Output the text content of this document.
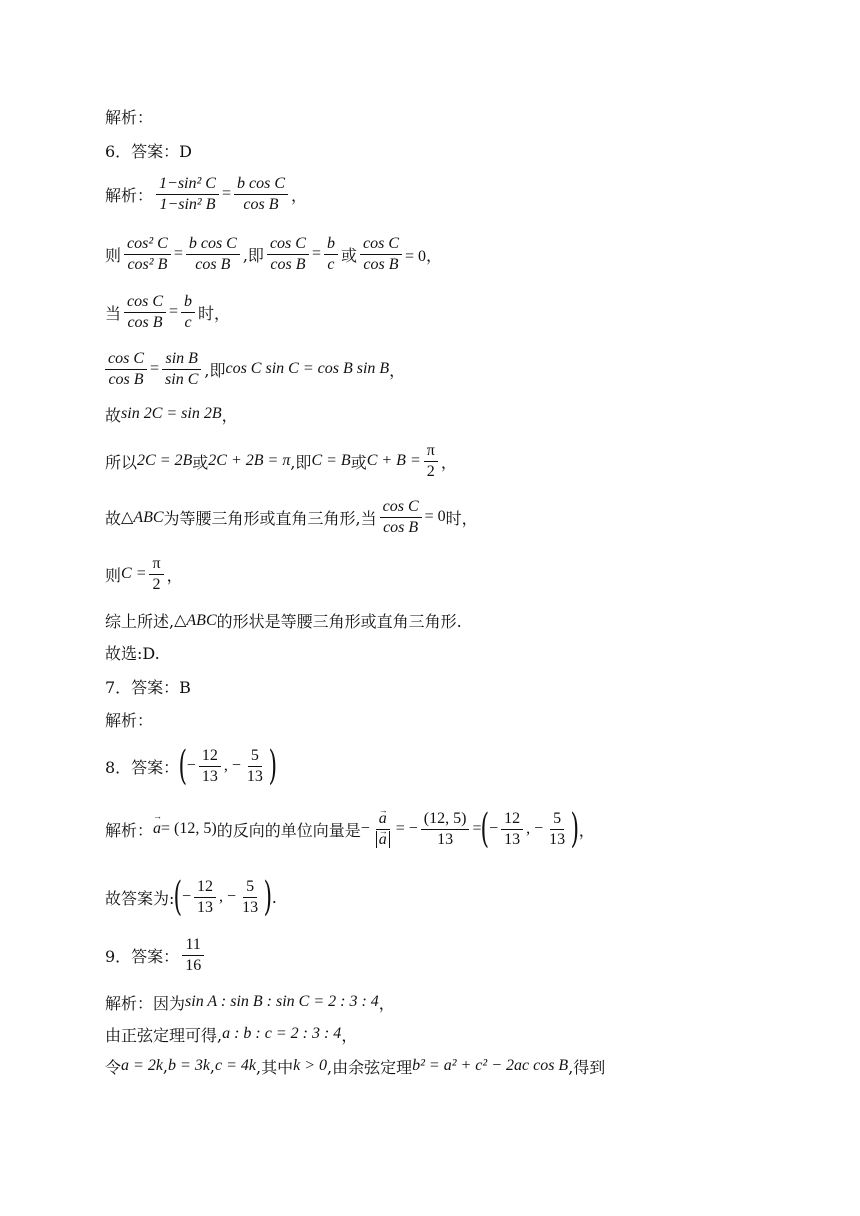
解析：
6．答案：D
解析： $\frac{\text{1−sin² C}}{\text{1−sin² B}} = \frac{\text{b cos C}}{\text{cos B}}$ ，
则 $\frac{\text{cos² C}}{\text{cos² B}} = \frac{\text{b cos C}}{\text{cos B}}$ ,即 $\frac{\text{cos C}}{\text{cos B}} = \frac{b}{c}$ 或 $\frac{\text{cos C}}{\text{cos B}} = 0$，
当 $\frac{\text{cos C}}{\text{cos B}} = \frac{b}{c}$ 时，
$\frac{\text{cos C}}{\text{cos B}} = \frac{\text{sin B}}{\text{sin C}}$ ,即 cos C sin C = cos B sin B ，
故 sin 2C = sin 2B ，
所以 2C = 2B 或 2C + 2B = π ,即 C = B 或 $C + B = \frac{\pi}{2}$ ，
故 △ABC 为等腰三角形或直角三角形,当 $\frac{\text{cos C}}{\text{cos B}} = 0$ 时，
则 $C = \frac{\pi}{2}$ ，
综上所述, △ABC 的形状是等腰三角形或直角三角形.
故选:D.
7．答案：B
解析：
8．答案： ( − $\frac{12}{13}$ , − $\frac{5}{13}$ )
解析： → a = (12, 5) 的反向的单位向量是 − → a
→ a = − $\frac{(12, 5)}{13}$ = ( − $\frac{12}{13}$ , − $\frac{5}{13}$ ) ，
故答案为: ( − $\frac{12}{13}$ , − $\frac{5}{13}$ ) .
9．答案： $\frac{11}{16}$
解析：因为 sin A : sin B : sin C = 2 : 3 : 4 ，
由正弦定理可得, a : b : c = 2 : 3 : 4 ，
令 a = 2k , b = 3k , c = 4k ,其中 k > 0 ,由余弦定理 b² = a² + c² − 2ac cos B ,得到
